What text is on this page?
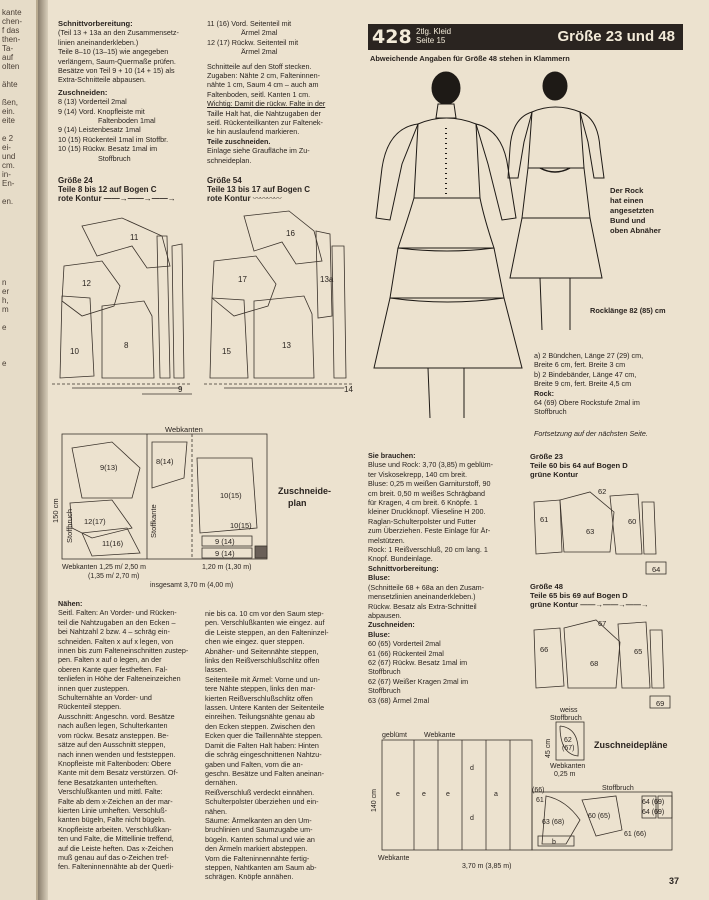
kante
chen-
f das
then-
Ta-
auf
olten
ähte
ßen,
ein.
eite
e 2
ei-
und
cm.
in-
En-
en.
n
er
h,
m
e
e

Schnittvorbereitung:

(Teil 13 + 13a an den Zusammensetz-

linien aneinanderkleben.)

Teile 8–10 (13–15) wie angegeben

verlängern, Saum-Quermaße prüfen.

Besätze von Teil 9 + 10 (14 + 15) als

Extra-Schnitteile abpausen.

Zuschneiden:

8 (13) Vorderteil 2mal

9 (14) Vord. Knopfleiste mit

Faltenboden 1mal

9 (14) Leistenbesatz 1mal

10 (15) Rückenteil 1mal im Stoffbr.

10 (15) Rückw. Besatz 1mal im

Stoffbruch

11 (16) Vord. Seitenteil mit

Ärmel 2mal

12 (17) Rückw. Seitenteil mit

Ärmel 2mal

Schnitteile auf den Stoff stecken.

Zugaben: Nähte 2 cm, Falteninnen-

nähte 1 cm, Saum 4 cm – auch am

Faltenboden, seitl. Kanten 1 cm.

Wichtig: Damit die rückw. Falte in der

Taille Halt hat, die Nahtzugaben der

seitl. Rückenteilkanten zur Faltenek-

ke hin auslaufend markieren.

Teile zuschneiden.

Einlage siehe Graufläche im Zu-

schneideplan.

Größe 24
Teile 8 bis 12 auf Bogen C
rote Kontur ——→——→——→
Größe 54
Teile 13 bis 17 auf Bogen C
rote Kontur 〰〰〰〰
11
12
10
8
9
16
17
15
13
13a
14
Webkanten
150 cm Stoffbruch	Stoffkante
9(13)
12(17)
11(16)
10(15)
8(14)
9 (14)
9 (14)
10(15)
Webkanten 1,25 m/ 2,50 m
(1,35 m/ 2,70 m)
1,20 m (1,30 m)
insgesamt 3,70 m (4,00 m)
Zuschneide-
plan

Nähen:

Seitl. Falten: An Vorder- und Rücken-

teil die Nahtzugaben an den Ecken –

bei Nahtzahl 2 bzw. 4 – schräg ein-

schneiden. Falten x auf x legen, von

innen bis zum Falteneinschnitten zustep-

pen. Falten x auf o legen, an der

oberen Kante quer festheften. Fal-

tenliefen in Höhe der Falteneinzeichen

innen quer zusteppen.

Schulternähte an Vorder- und

Rückenteil steppen.

Ausschnitt: Angeschn. vord. Besätze

nach außen legen, Schulterkanten

vom rückw. Besatz ansteppen. Be-

sätze auf den Ausschnitt steppen,

nach innen wenden und feststeppen.

Knopfleiste mit Faltenboden: Obere

Kante mit dem Besatz verstürzen. Of-

fene Besatzkanten unterheften.

Verschlußkanten und mittl. Falte:

Falte ab dem x-Zeichen an der mar-

kierten Linie umheften. Verschluß-

kanten bügeln, Falte nicht bügeln.

Knopfleiste arbeiten. Verschlußkan-

ten und Falte, die Mittellinie treffend,

auf die Leiste heften. Das x-Zeichen

muß genau auf das o-Zeichen tref-

fen. Falteninnennähte ab der Querli-

nie bis ca. 10 cm vor den Saum step-

pen. Verschlußkanten wie eingez. auf

die Leiste steppen, an den Falteninzel-

chen wie eingez. quer steppen.

Abnäher- und Seitennähte steppen,

links den Reißverschlußschlitz offen

lassen.

Seitenteile mit Ärmel: Vorne und un-

tere Nähte steppen, links den mar-

kierten Reißverschlußschlitz offen

lassen. Untere Kanten der Seitenteile

einreihen. Teilungsnähte genau ab

den Ecken steppen. Zwischen den

Ecken quer die Taillennähte steppen.

Damit die Falten Halt haben: Hinten

die schräg eingeschnittenen Nahtzu-

gaben und Falten, vorn die an-

geschn. Besätze und Falten aneinan-

dernähen.

Reißverschluß verdeckt einnähen.

Schulterpolster überziehen und ein-

nähen.

Säume: Ärmelkanten an den Um-

bruchlinien und Saumzugabe um-

bügeln. Kanten schmal und wie an

den Ärmeln markiert absteppen.

Vorn die Falteninnennähte fertig-

steppen, Nahtkanten am Saum ab-

schrägen. Knöpfe annähen.

428 2tlg. Kleid
Seite 15	Größe 23 und 48
Abweichende Angaben für Größe 48 stehen in Klammern

Der Rock

hat einen

angesetzten

Bund und

oben Abnäher

Rocklänge 82 (85) cm

a) 2 Bündchen, Länge 27 (29) cm,

Breite 6 cm, fert. Breite 3 cm

b) 2 Bindebänder, Länge 47 cm,

Breite 9 cm, fert. Breite 4,5 cm

Rock:

64 (69) Obere Rockstufe 2mal im

Stoffbruch

Fortsetzung auf der nächsten Seite.

Sie brauchen:

Bluse und Rock: 3,70 (3,85) m geblüm-

ter Viskosekrepp, 140 cm breit.

Bluse: 0,25 m weißen Garniturstoff, 90

cm breit. 0,50 m weißes Schrägband

für Kragen, 4 cm breit. 6 Knöpfe. 1

kleiner Druckknopf. Vlieseline H 200.

Raglan-Schulterpolster und Futter

zum Überziehen. Feste Einlage für Är-

melstützen.

Rock: 1 Reißverschluß, 20 cm lang. 1

Knopf. Bundeinlage.

Schnittvorbereitung:

Bluse:

(Schnitteile 68 + 68a an den Zusam-

mensetzlinien aneinanderkleben.)

Rückw. Besatz als Extra-Schnitteil

abpausen.

Zuschneiden:

Bluse:

60 (65) Vorderteil 2mal

61 (66) Rückenteil 2mal

62 (67) Rückw. Besatz 1mal im

Stoffbruch

62 (67) Weißer Kragen 2mal im

Stoffbruch

63 (68) Ärmel 2mal

Größe 23

Teile 60 bis 64 auf Bogen D

grüne Kontur

61
62
63
60
64

Größe 48

Teile 65 bis 69 auf Bogen D

grüne Kontur ——→——→——→

66
67
68
65
69
weiss
Stoffbruch
Webkanten
0,25 m
45 cm 62
(67) Zuschneidepläne
geblümt Webkante
140 cm
Webkante
3,70 m (3,85 m)
Stoffbruch
e	e	e
d
d
a
b
63 (68)
60 (65)
64 (69)
64 (69)
61 (66)
(66)
61
37
